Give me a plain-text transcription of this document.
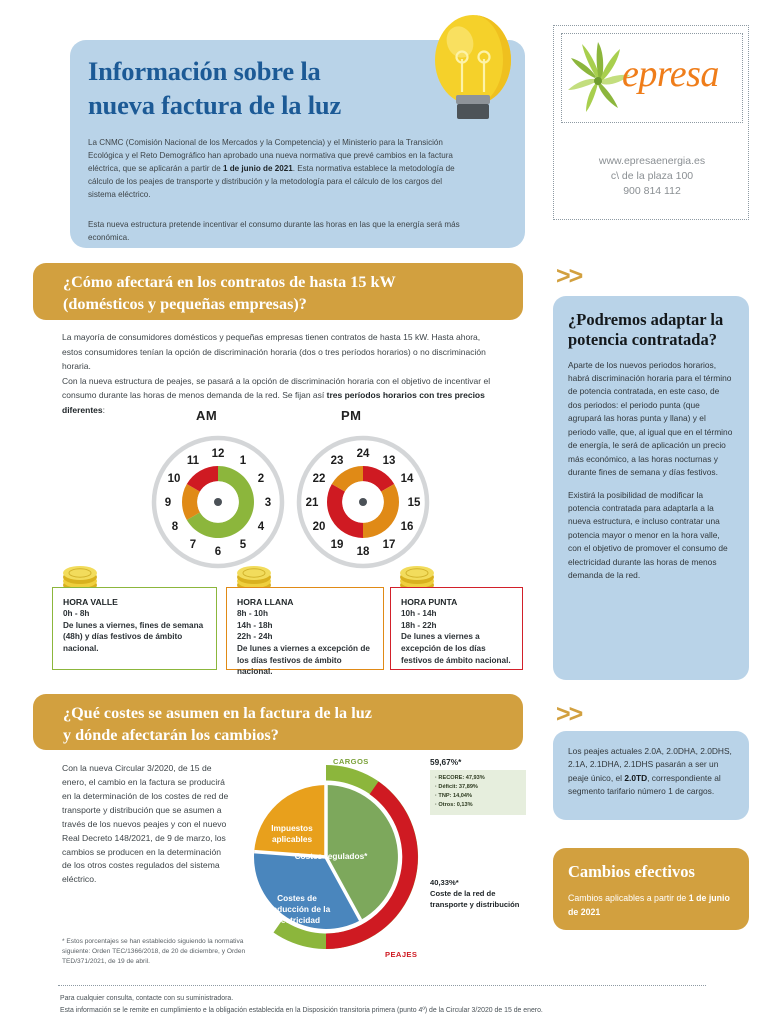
Información sobre la
nueva factura de la luz
La CNMC (Comisión Nacional de los Mercados y la Competencia) y el Ministerio para la Transición Ecológica y el Reto Demográfico han aprobado una nueva normativa que prevé cambios en la factura eléctrica, que se aplicarán a partir de 1 de junio de 2021. Esta normativa establece la metodología de cálculo de los peajes de transporte y distribución y la metodología para el cálculo de los cargos del sistema eléctrico.
Esta nueva estructura pretende incentivar el consumo durante las horas en las que la energía será más económica.
epresa
www.epresaenergia.es
c\ de la plaza 100
900 814 112
¿Cómo afectará en los contratos de hasta 15 kW
(domésticos y pequeñas empresas)?
La mayoría de consumidores domésticos y pequeñas empresas tienen contratos de hasta 15 kW. Hasta ahora, estos consumidores tenían la opción de discriminación horaria (dos o tres períodos horarios) o no discriminación horaria.
Con la nueva estructura de peajes, se pasará a la opción de discriminación horaria con el objetivo de incentivar el consumo durante las horas de menos demanda de la red. Se fijan así tres períodos horarios con tres precios diferentes:	AM	PM
12
1
2
3
4
5
6
7
8
9
10
11
24
13
14
15
16
17
18
19
20
21
22
23
HORA VALLE
0h - 8h
De lunes a viernes, fines de semana (48h) y días festivos de ámbito nacional.
HORA LLANA
8h - 10h
14h - 18h
22h - 24h
De lunes a viernes a excepción de los días festivos de ámbito nacional.
HORA PUNTA
10h - 14h
18h - 22h
De lunes a viernes a excepción de los días festivos de ámbito nacional.
>>
¿Podremos adaptar la potencia contratada?
Aparte de los nuevos periodos horarios, habrá discriminación horaria para el término de potencia contratada, en este caso, de dos periodos: el periodo punta (que agrupará las horas punta y llana) y el periodo valle, que, al igual que en el término de energía, le será de aplicación un precio más económico, a las horas nocturnas y durante fines de semana y días festivos.
Existirá la posibilidad de modificar la potencia contratada para adaptarla a la nueva estructura, e incluso contratar una potencia mayor o menor en la hora valle, con el objetivo de promover el consumo de electricidad durante las horas de menos demanda de la red.
>>
Los peajes actuales 2.0A, 2.0DHA, 2.0DHS, 2.1A, 2.1DHA, 2.1DHS pasarán a ser un peaje único, el 2.0TD, correspondiente al segmento tarifario número 1 de cargos.
Cambios efectivos
Cambios aplicables a partir de 1 de junio de 2021
¿Qué costes se asumen en la factura de la luz
y dónde afectarán los cambios?
Con la nueva Circular 3/2020, de 15 de enero, el cambio en la factura se producirá en la determinación de los costes de red de transporte y distribución que se asumen a través de los nuevos peajes y con el nuevo Real Decreto 148/2021, de 9 de marzo, los cambios se producen en la determinación de los otros costes regulados del sistema eléctrico.
* Estos porcentajes se han establecido siguiendo la normativa siguiente: Orden TEC/1366/2018, de 20 de diciembre, y Orden TED/371/2021, de 19 de abril.
Costes regulados*
Costes de producción de la electricidad
Impuestos aplicables
CARGOS
PEAJES
59,67%*
· RECORE: 47,93%
· Déficit: 37,89%
· TNP: 14,04%
· Otros: 0,13%
40,33%*
Coste de la red de transporte y distribución
Para cualquier consulta, contacte con su suministradora.
Esta información se le remite en cumplimiento e la obligación establecida en la Disposición transitoria primera (punto 4º) de la Circular 3/2020 de 15 de enero.
